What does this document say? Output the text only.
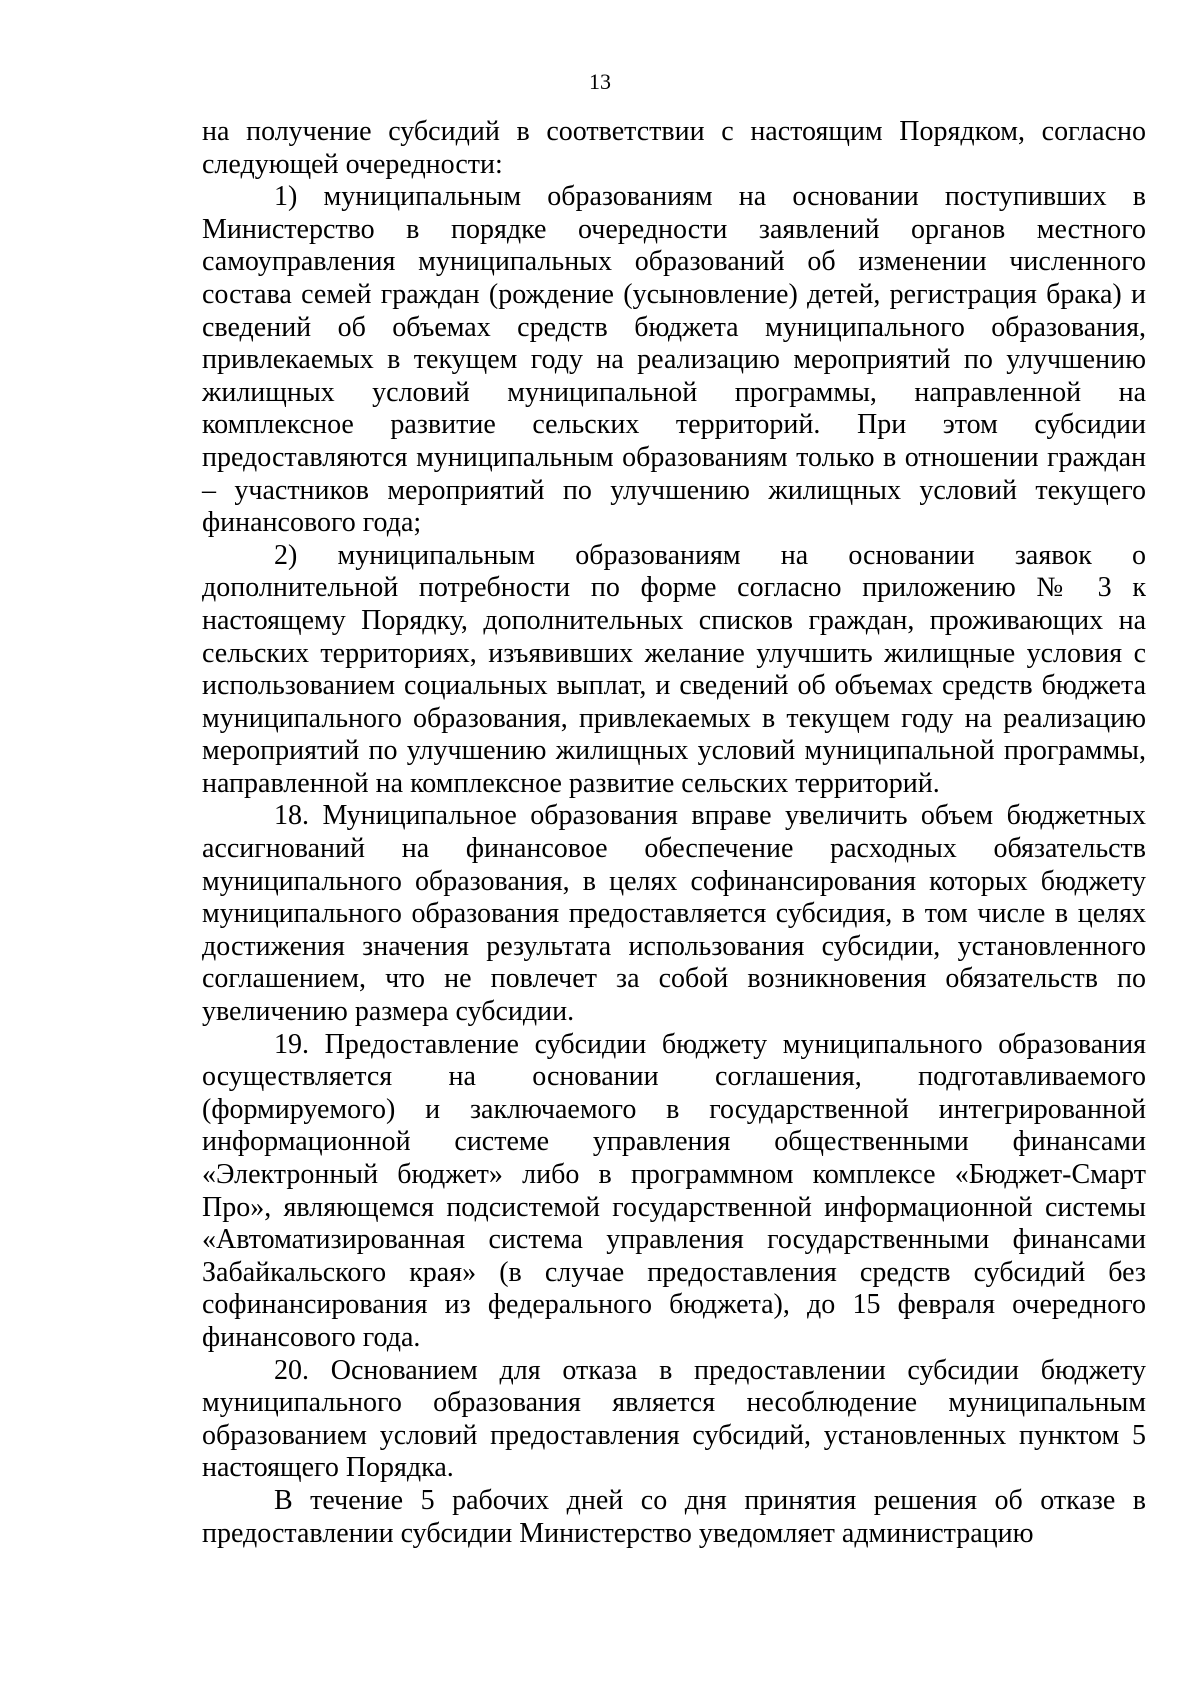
13

на получение субсидий в соответствии с настоящим Порядком, согласно следующей очередности:

1) муниципальным образованиям на основании поступивших в Министерство в порядке очередности заявлений органов местного самоуправления муниципальных образований об изменении численного состава семей граждан (рождение (усыновление) детей, регистрация брака) и сведений об объемах средств бюджета муниципального образования, привлекаемых в текущем году на реализацию мероприятий по улучшению жилищных условий муниципальной программы, направленной на комплексное развитие сельских территорий. При этом субсидии предоставляются муниципальным образованиям только в отношении граждан – участников мероприятий по улучшению жилищных условий текущего финансового года;

2) муниципальным образованиям на основании заявок о дополнительной потребности по форме согласно приложению № 3 к настоящему Порядку, дополнительных списков граждан, проживающих на сельских территориях, изъявивших желание улучшить жилищные условия с использованием социальных выплат, и сведений об объемах средств бюджета муниципального образования, привлекаемых в текущем году на реализацию мероприятий по улучшению жилищных условий муниципальной программы, направленной на комплексное развитие сельских территорий.

18. Муниципальное образования вправе увеличить объем бюджетных ассигнований на финансовое обеспечение расходных обязательств муниципального образования, в целях софинансирования которых бюджету муниципального образования предоставляется субсидия, в том числе в целях достижения значения результата использования субсидии, установленного соглашением, что не повлечет за собой возникновения обязательств по увеличению размера субсидии.

19. Предоставление субсидии бюджету муниципального образования осуществляется на основании соглашения, подготавливаемого (формируемого) и заключаемого в государственной интегрированной информационной системе управления общественными финансами «Электронный бюджет» либо в программном комплексе «Бюджет-Смарт Про», являющемся подсистемой государственной информационной системы «Автоматизированная система управления государственными финансами Забайкальского края» (в случае предоставления средств субсидий без софинансирования из федерального бюджета), до 15 февраля очередного финансового года.

20. Основанием для отказа в предоставлении субсидии бюджету муниципального образования является несоблюдение муниципальным образованием условий предоставления субсидий, установленных пунктом 5 настоящего Порядка.

В течение 5 рабочих дней со дня принятия решения об отказе в предоставлении субсидии Министерство уведомляет администрацию
